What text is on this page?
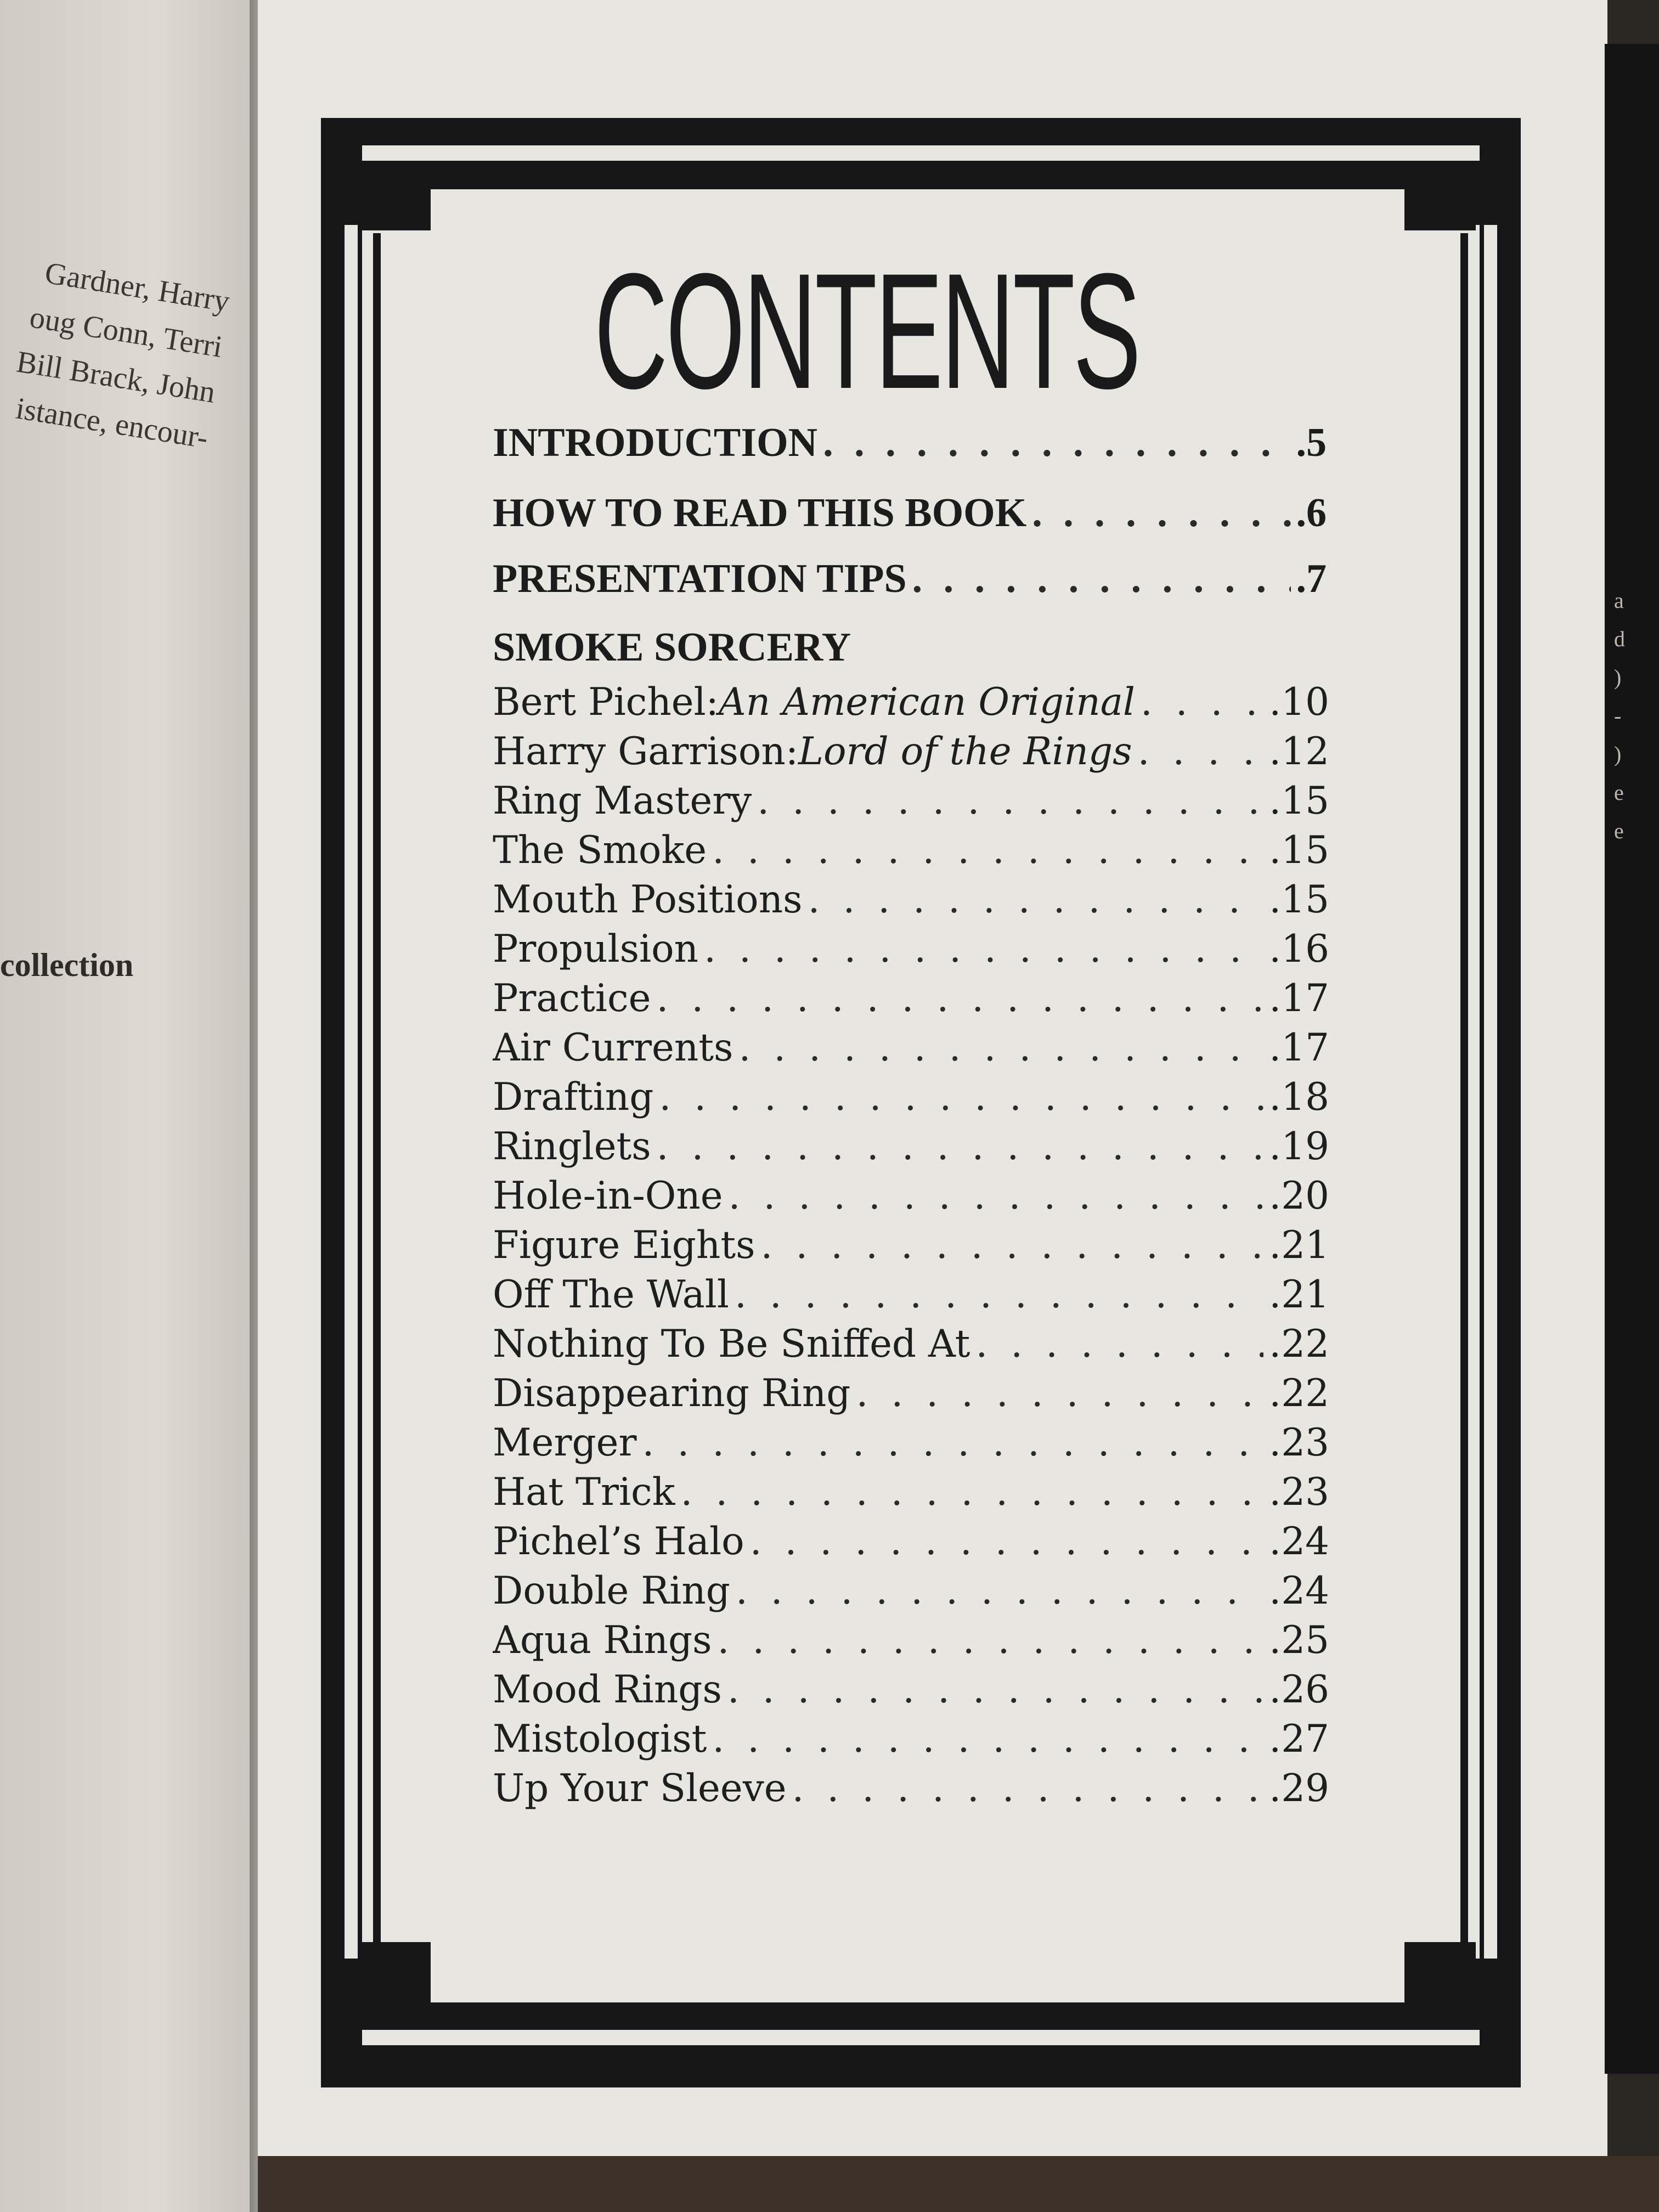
Gardner, Harry
oug Conn, Terri
Bill Brack, John
istance, encour-
collection
a
d
)
-
)
e
e
CONTENTS
INTRODUCTION . . .	.5
HOW TO READ THIS BOOK . . .	.6
PRESENTATION TIPS . . .	.7
SMOKE SORCERY
Bert Pichel: An American Original . . .	.10
Harry Garrison: Lord of the Rings . . .	.12
Ring Mastery . . .	.15
The Smoke . . .	.15
Mouth Positions . . .	.15
Propulsion . . .	.16
Practice . . .	.17
Air Currents . . .	.17
Drafting . . .	.18
Ringlets . . .	.19
Hole-in-One . . .	.20
Figure Eights . . .	.21
Off The Wall . . .	.21
Nothing To Be Sniffed At . . .	.22
Disappearing Ring . . .	.22
Merger . . .	.23
Hat Trick . . .	.23
Pichel’s Halo . . .	.24
Double Ring . . .	.24
Aqua Rings . . .	.25
Mood Rings . . .	.26
Mistologist . . .	.27
Up Your Sleeve . . .	.29
